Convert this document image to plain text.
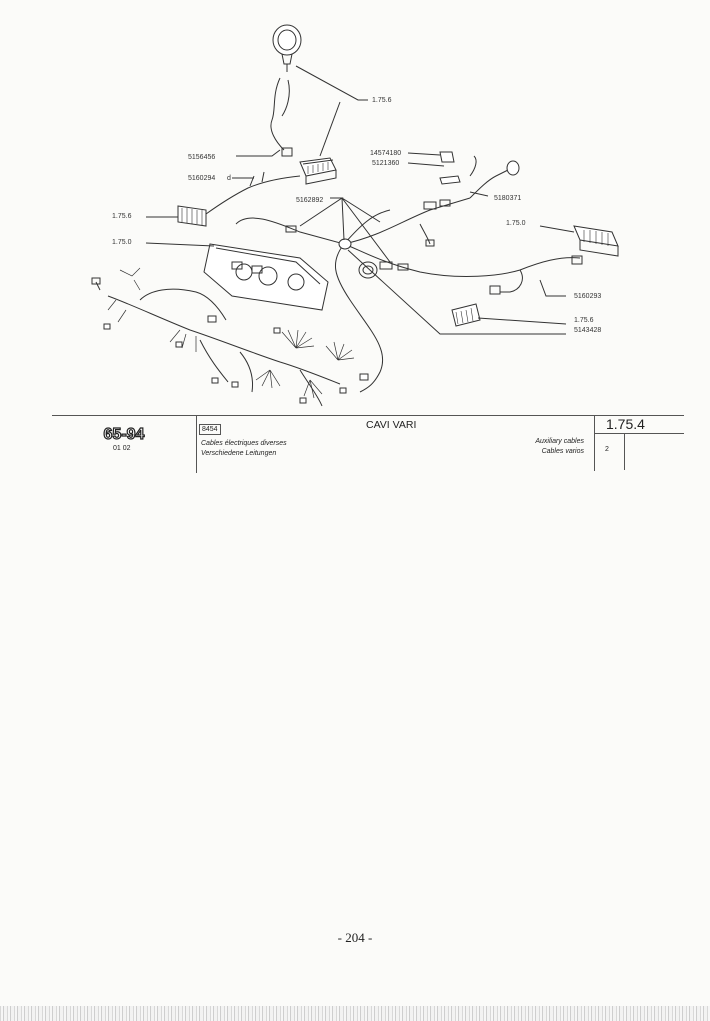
1.75.6
5156456
14574180
5121360
5160294 d
5180371
5162892
1.75.6
1.75.0
1.75.0
5160293
1.75.6
5143428
65-94
01 02
8454	CAVI VARI
Cables électriques diverses
Verschiedene Leitungen
Auxiliary cables
Cables varios
1.75.4
2
- 204 -
